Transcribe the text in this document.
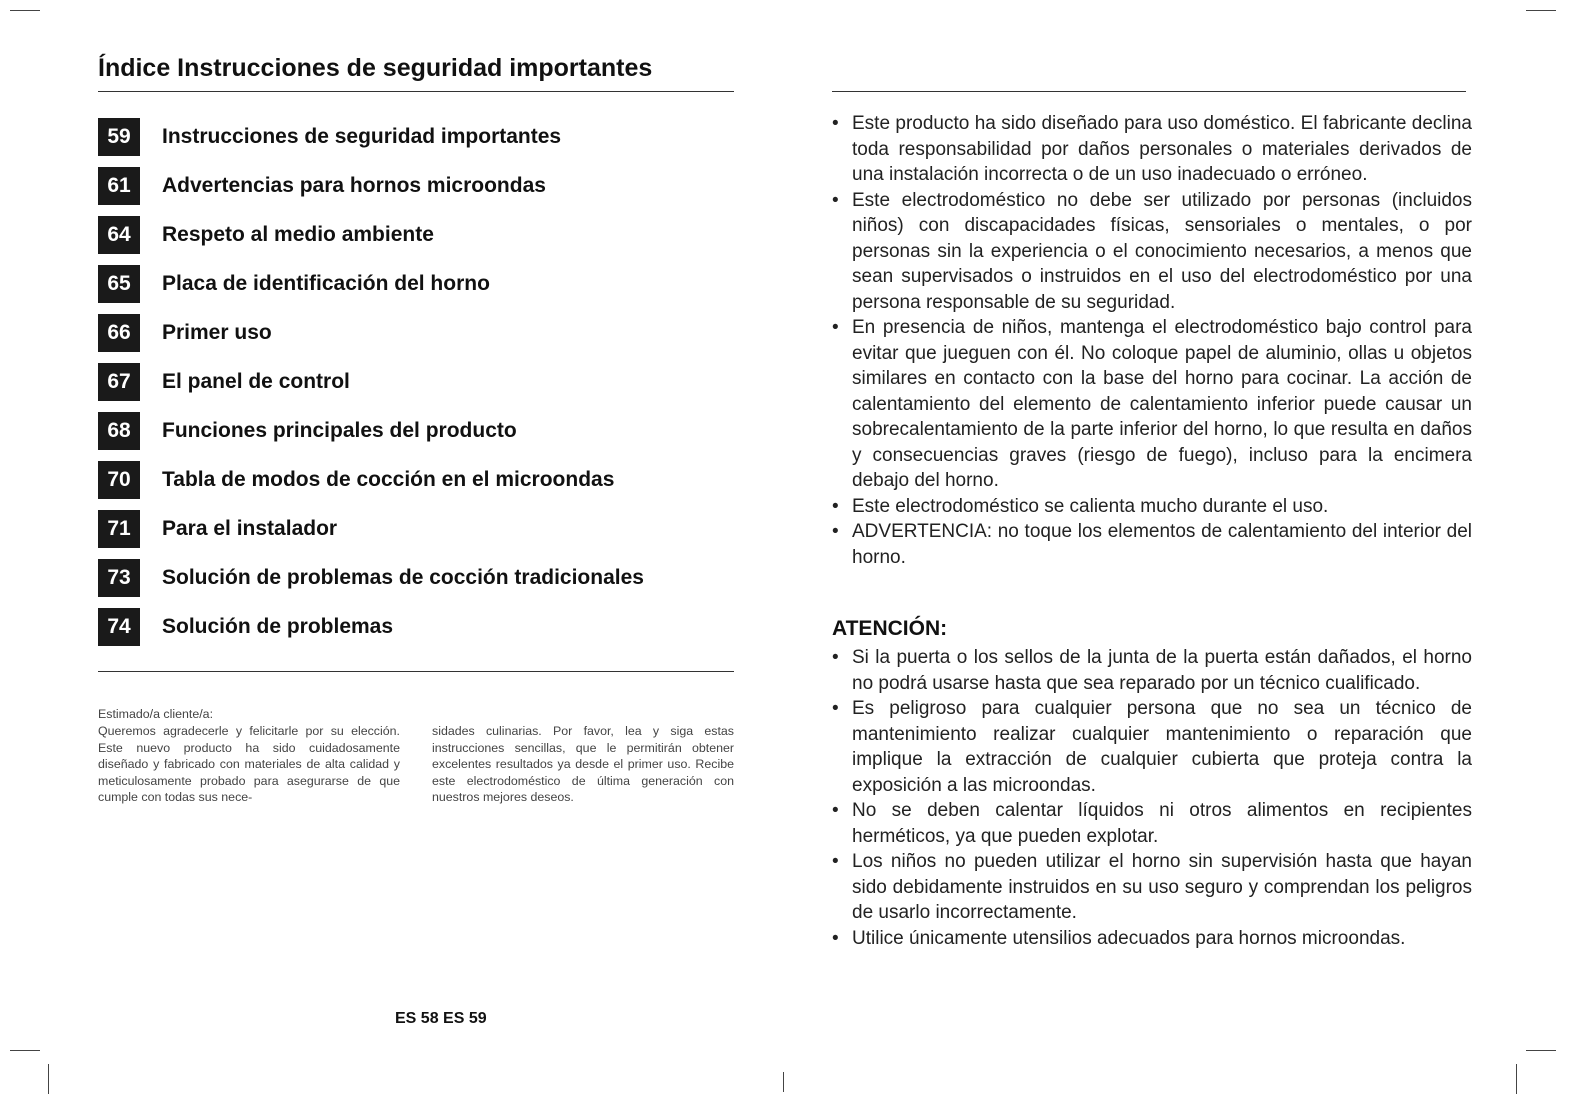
Índice Instrucciones de seguridad importantes
59	Instrucciones de seguridad importantes
61	Advertencias para hornos microondas
64	Respeto al medio ambiente
65	Placa de identificación del horno
66	Primer uso
67	El panel de control
68	Funciones principales del producto
70	Tabla de modos de cocción en el microondas
71	Para el instalador
73	Solución de problemas de cocción tradicionales
74	Solución de problemas

Estimado/a cliente/a:

Queremos agradecerle y felicitarle por su elección. Este nuevo producto ha sido cuidadosamente diseñado y fabricado con materiales de alta calidad y meticulosamente probado para asegurarse de que cumple con todas sus nece-
sidades culinarias. Por favor, lea y siga estas instrucciones sencillas, que le permitirán obtener excelentes resultados ya desde el primer uso. Recibe este electrodoméstico de última generación con nuestros mejores deseos.
ES 58 ES 59

• Este producto ha sido diseñado para uso doméstico. El fabricante declina toda responsabilidad por daños personales o materiales derivados de una instalación incorrecta o de un uso inadecuado o erróneo.

• Este electrodoméstico no debe ser utilizado por personas (incluidos niños) con discapacidades físicas, sensoriales o mentales, o por personas sin la experiencia o el conocimiento necesarios, a menos que sean supervisados o instruidos en el uso del electrodoméstico por una persona responsable de su seguridad.

• En presencia de niños, mantenga el electrodoméstico bajo control para evitar que jueguen con él. No coloque papel de aluminio, ollas u objetos similares en contacto con la base del horno para cocinar. La acción de calentamiento del elemento de calentamiento inferior puede causar un sobrecalentamiento de la parte inferior del horno, lo que resulta en daños y consecuencias graves (riesgo de fuego), incluso para la encimera debajo del horno.

• Este electrodoméstico se calienta mucho durante el uso.

• ADVERTENCIA: no toque los elementos de calentamiento del interior del horno.

ATENCIÓN:

• Si la puerta o los sellos de la junta de la puerta están dañados, el horno no podrá usarse hasta que sea reparado por un técnico cualificado.

• Es peligroso para cualquier persona que no sea un técnico de mantenimiento realizar cualquier mantenimiento o reparación que implique la extracción de cualquier cubierta que proteja contra la exposición a las microondas.

• No se deben calentar líquidos ni otros alimentos en recipientes herméticos, ya que pueden explotar.

• Los niños no pueden utilizar el horno sin supervisión hasta que hayan sido debidamente instruidos en su uso seguro y comprendan los peligros de usarlo incorrectamente.

• Utilice únicamente utensilios adecuados para hornos microondas.
